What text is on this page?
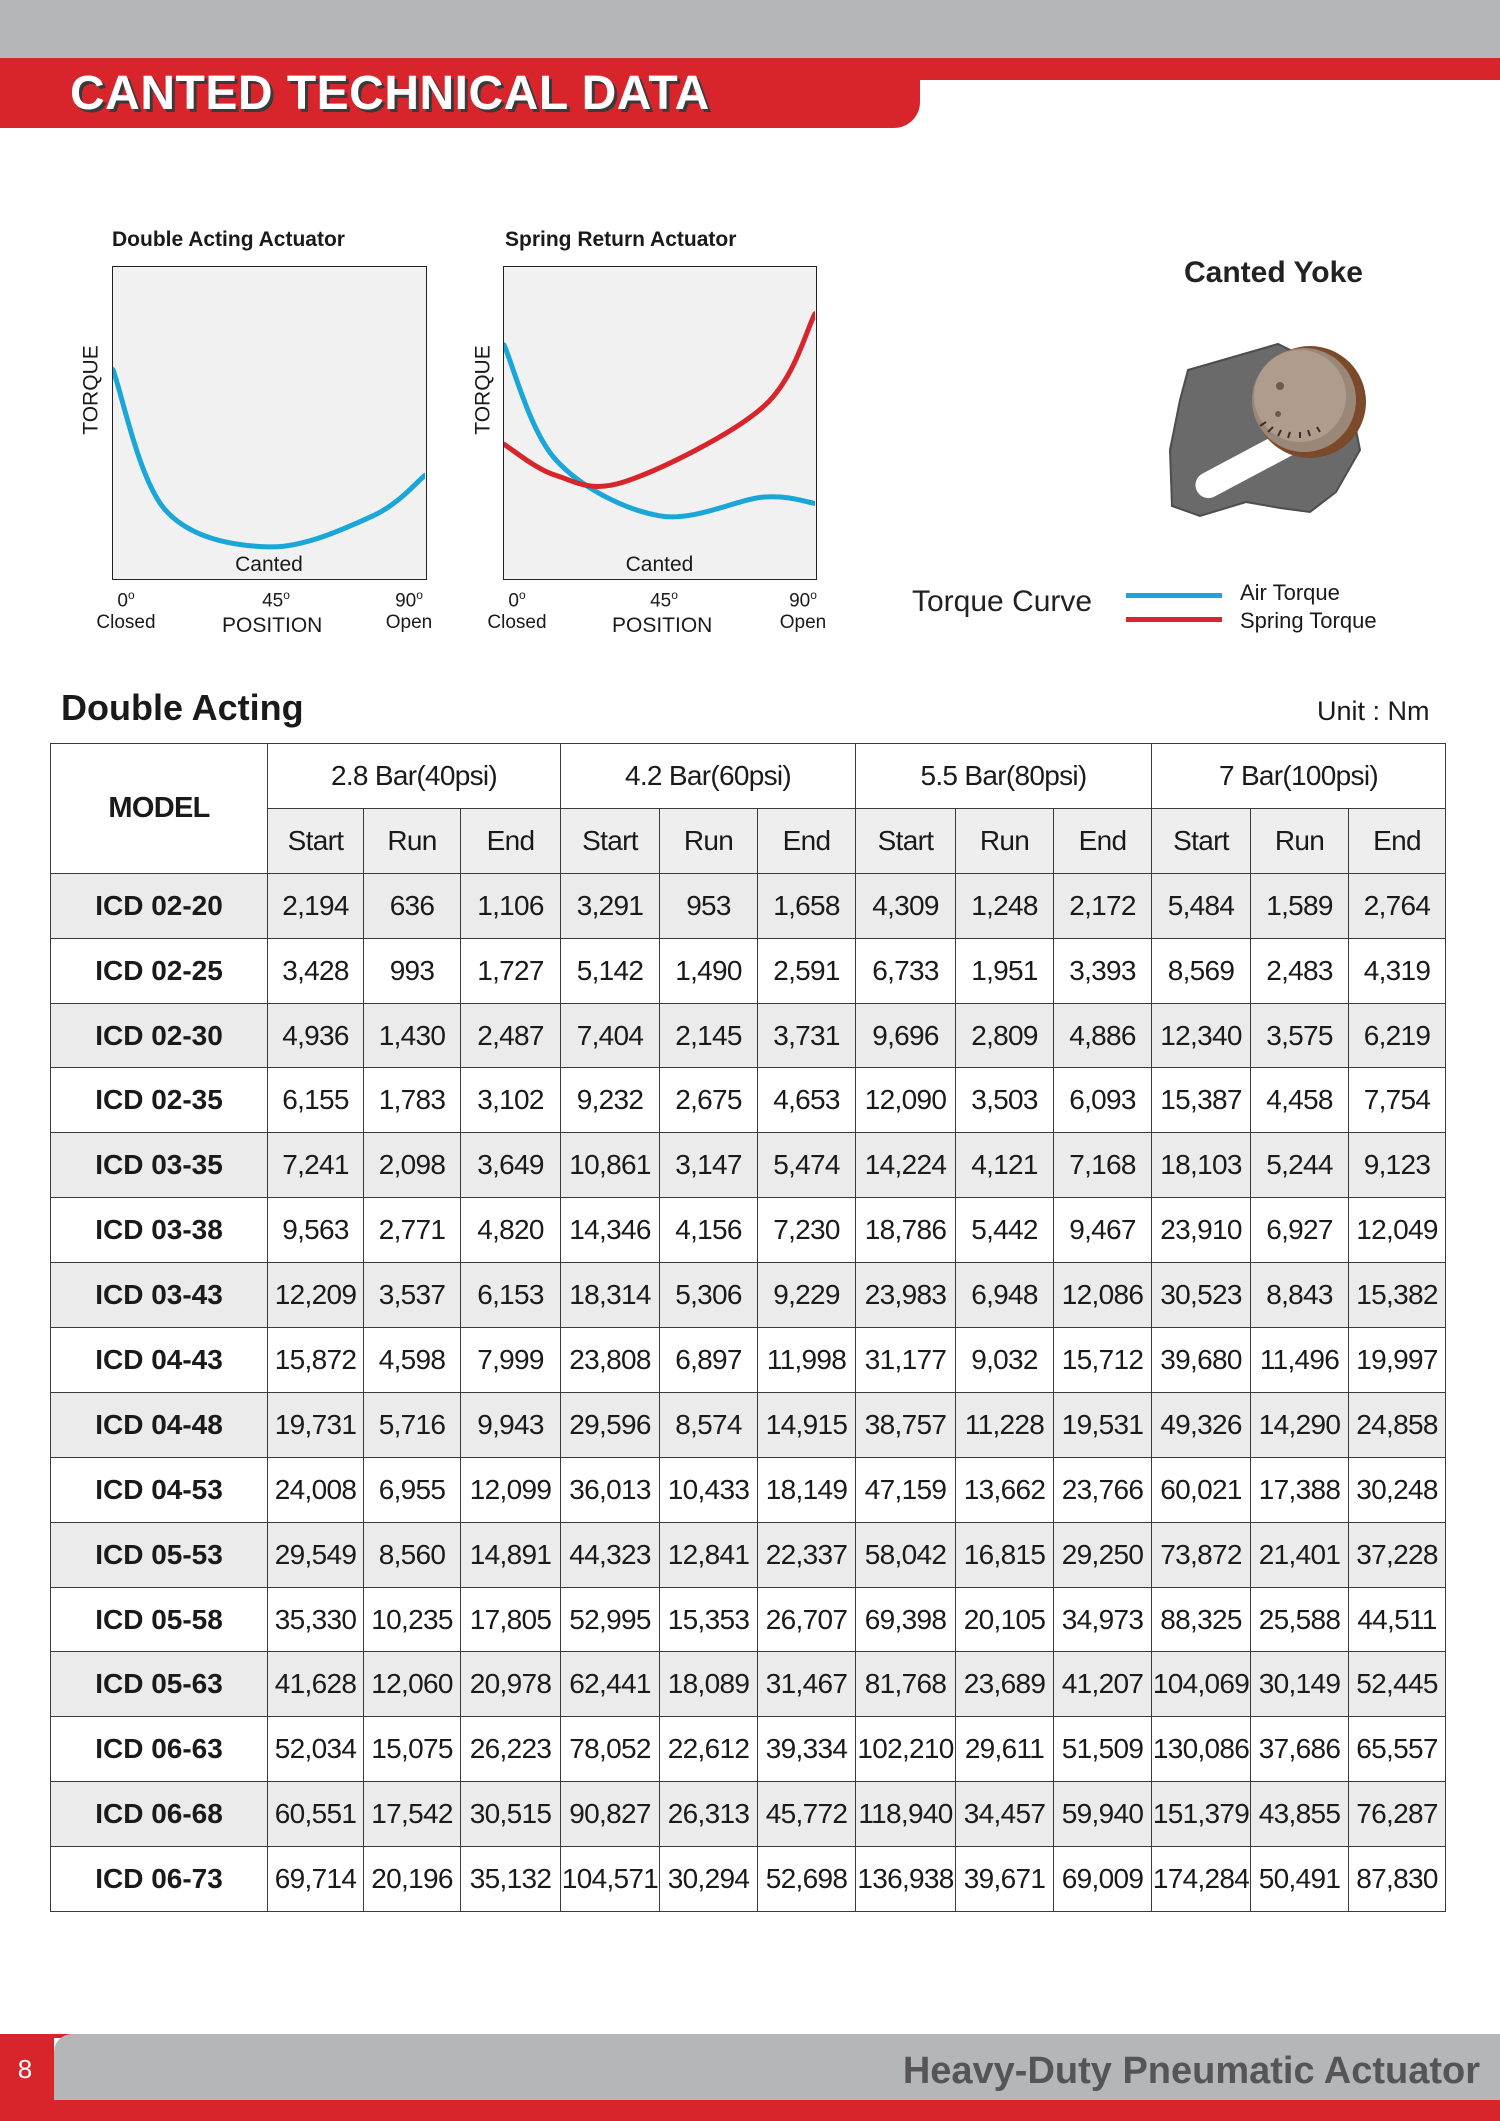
CANTED TECHNICAL DATA
Double Acting Actuator
TORQUE
Canted
0$^o$
Closed
45$^o$	90$^o$
Open
POSITION
Spring Return Actuator
TORQUE
Canted
0$^o$
Closed
45$^o$	90$^o$
Open
POSITION
Canted Yoke
Torque Curve	Air Torque
Spring Torque
Double Acting	Unit : Nm
MODEL	2.8 Bar(40psi)			4.2 Bar(60psi)			5.5 Bar(80psi)			7 Bar(100psi)		
	Start	Run	End	Start	Run	End	Start	Run	End	Start	Run	End
ICD 02-20	2,194	636	1,106	3,291	953	1,658	4,309	1,248	2,172	5,484	1,589	2,764
ICD 02-25	3,428	993	1,727	5,142	1,490	2,591	6,733	1,951	3,393	8,569	2,483	4,319
ICD 02-30	4,936	1,430	2,487	7,404	2,145	3,731	9,696	2,809	4,886	12,340	3,575	6,219
ICD 02-35	6,155	1,783	3,102	9,232	2,675	4,653	12,090	3,503	6,093	15,387	4,458	7,754
ICD 03-35	7,241	2,098	3,649	10,861	3,147	5,474	14,224	4,121	7,168	18,103	5,244	9,123
ICD 03-38	9,563	2,771	4,820	14,346	4,156	7,230	18,786	5,442	9,467	23,910	6,927	12,049
ICD 03-43	12,209	3,537	6,153	18,314	5,306	9,229	23,983	6,948	12,086	30,523	8,843	15,382
ICD 04-43	15,872	4,598	7,999	23,808	6,897	11,998	31,177	9,032	15,712	39,680	11,496	19,997
ICD 04-48	19,731	5,716	9,943	29,596	8,574	14,915	38,757	11,228	19,531	49,326	14,290	24,858
ICD 04-53	24,008	6,955	12,099	36,013	10,433	18,149	47,159	13,662	23,766	60,021	17,388	30,248
ICD 05-53	29,549	8,560	14,891	44,323	12,841	22,337	58,042	16,815	29,250	73,872	21,401	37,228
ICD 05-58	35,330	10,235	17,805	52,995	15,353	26,707	69,398	20,105	34,973	88,325	25,588	44,511
ICD 05-63	41,628	12,060	20,978	62,441	18,089	31,467	81,768	23,689	41,207	104,069	30,149	52,445
ICD 06-63	52,034	15,075	26,223	78,052	22,612	39,334	102,210	29,611	51,509	130,086	37,686	65,557
ICD 06-68	60,551	17,542	30,515	90,827	26,313	45,772	118,940	34,457	59,940	151,379	43,855	76,287
ICD 06-73	69,714	20,196	35,132	104,571	30,294	52,698	136,938	39,671	69,009	174,284	50,491	87,830
8	Heavy-Duty Pneumatic Actuator
